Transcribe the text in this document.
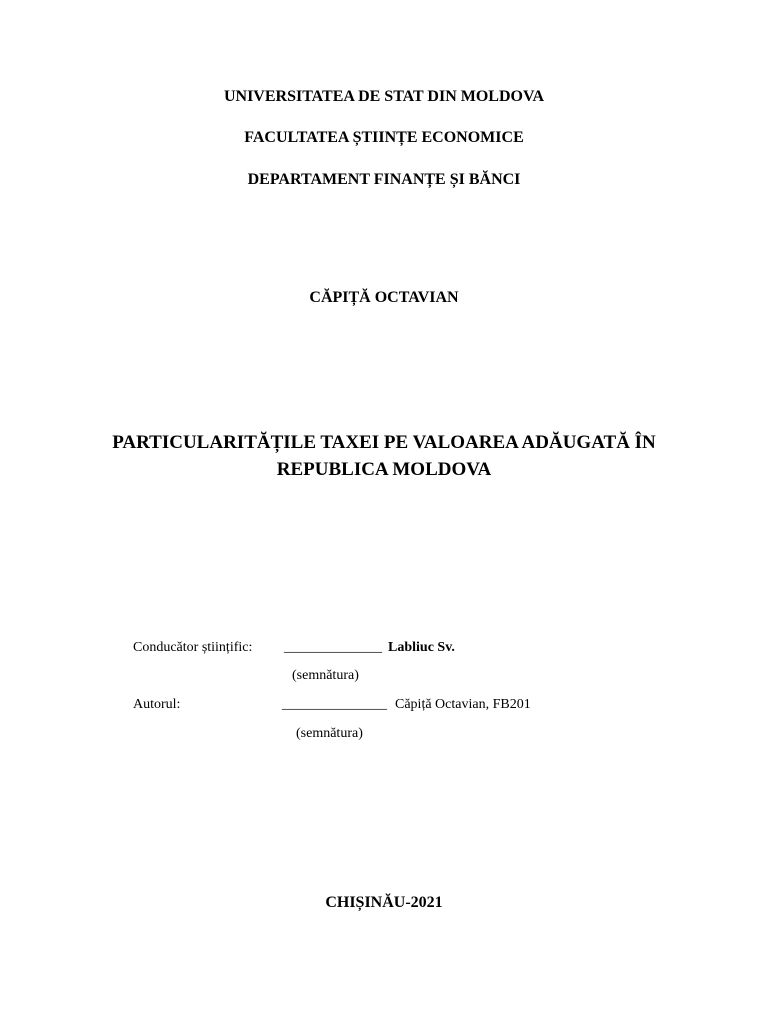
UNIVERSITATEA DE STAT DIN MOLDOVA
FACULTATEA ȘTIINȚE ECONOMICE
DEPARTAMENT FINANȚE ȘI BĂNCI
CĂPIȚĂ OCTAVIAN
PARTICULARITĂȚILE TAXEI PE VALOAREA ADĂUGATĂ ÎN
REPUBLICA MOLDOVA
Conducător științific: ______________ Labliuc Sv.
(semnătura)
Autorul:	_______________ Căpiță Octavian, FB201
(semnătura)
CHIȘINĂU-2021
